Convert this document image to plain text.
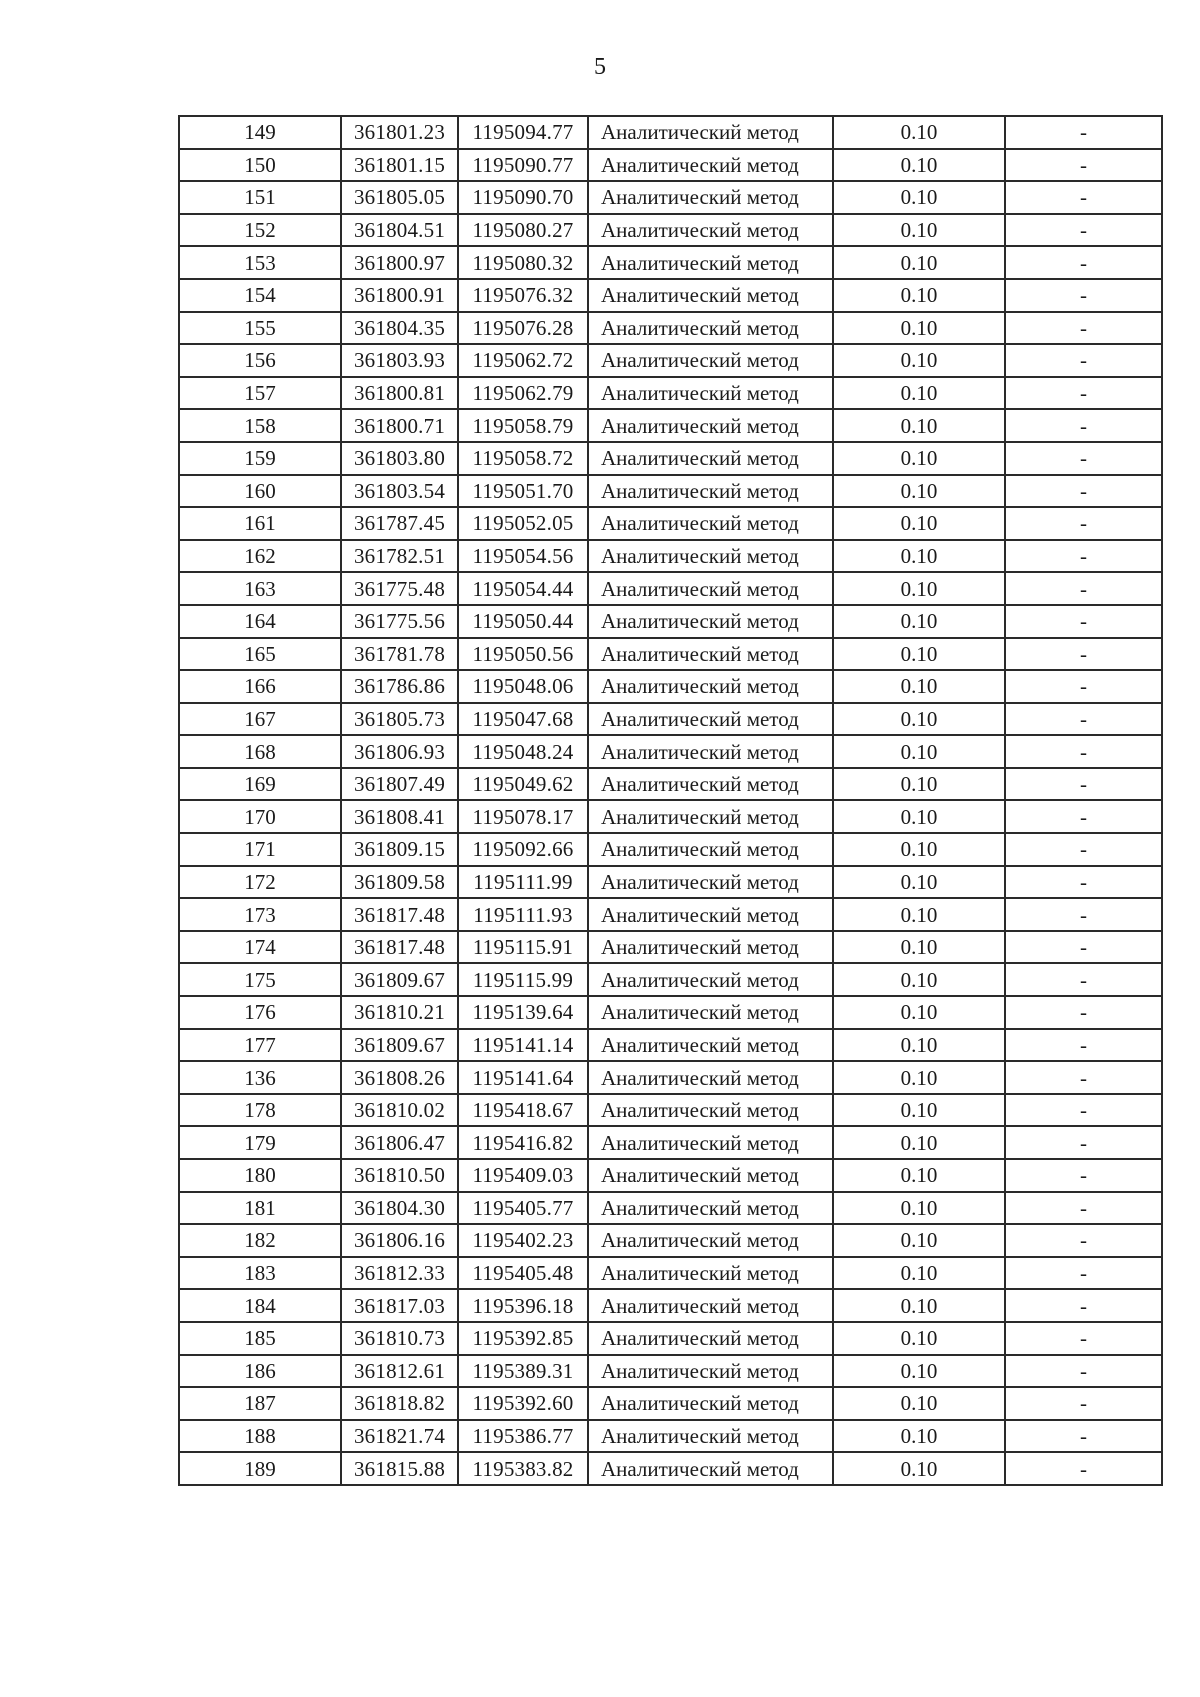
5
149	361801.23	1195094.77	Аналитический метод	0.10	-
150	361801.15	1195090.77	Аналитический метод	0.10	-
151	361805.05	1195090.70	Аналитический метод	0.10	-
152	361804.51	1195080.27	Аналитический метод	0.10	-
153	361800.97	1195080.32	Аналитический метод	0.10	-
154	361800.91	1195076.32	Аналитический метод	0.10	-
155	361804.35	1195076.28	Аналитический метод	0.10	-
156	361803.93	1195062.72	Аналитический метод	0.10	-
157	361800.81	1195062.79	Аналитический метод	0.10	-
158	361800.71	1195058.79	Аналитический метод	0.10	-
159	361803.80	1195058.72	Аналитический метод	0.10	-
160	361803.54	1195051.70	Аналитический метод	0.10	-
161	361787.45	1195052.05	Аналитический метод	0.10	-
162	361782.51	1195054.56	Аналитический метод	0.10	-
163	361775.48	1195054.44	Аналитический метод	0.10	-
164	361775.56	1195050.44	Аналитический метод	0.10	-
165	361781.78	1195050.56	Аналитический метод	0.10	-
166	361786.86	1195048.06	Аналитический метод	0.10	-
167	361805.73	1195047.68	Аналитический метод	0.10	-
168	361806.93	1195048.24	Аналитический метод	0.10	-
169	361807.49	1195049.62	Аналитический метод	0.10	-
170	361808.41	1195078.17	Аналитический метод	0.10	-
171	361809.15	1195092.66	Аналитический метод	0.10	-
172	361809.58	1195111.99	Аналитический метод	0.10	-
173	361817.48	1195111.93	Аналитический метод	0.10	-
174	361817.48	1195115.91	Аналитический метод	0.10	-
175	361809.67	1195115.99	Аналитический метод	0.10	-
176	361810.21	1195139.64	Аналитический метод	0.10	-
177	361809.67	1195141.14	Аналитический метод	0.10	-
136	361808.26	1195141.64	Аналитический метод	0.10	-
178	361810.02	1195418.67	Аналитический метод	0.10	-
179	361806.47	1195416.82	Аналитический метод	0.10	-
180	361810.50	1195409.03	Аналитический метод	0.10	-
181	361804.30	1195405.77	Аналитический метод	0.10	-
182	361806.16	1195402.23	Аналитический метод	0.10	-
183	361812.33	1195405.48	Аналитический метод	0.10	-
184	361817.03	1195396.18	Аналитический метод	0.10	-
185	361810.73	1195392.85	Аналитический метод	0.10	-
186	361812.61	1195389.31	Аналитический метод	0.10	-
187	361818.82	1195392.60	Аналитический метод	0.10	-
188	361821.74	1195386.77	Аналитический метод	0.10	-
189	361815.88	1195383.82	Аналитический метод	0.10	-
